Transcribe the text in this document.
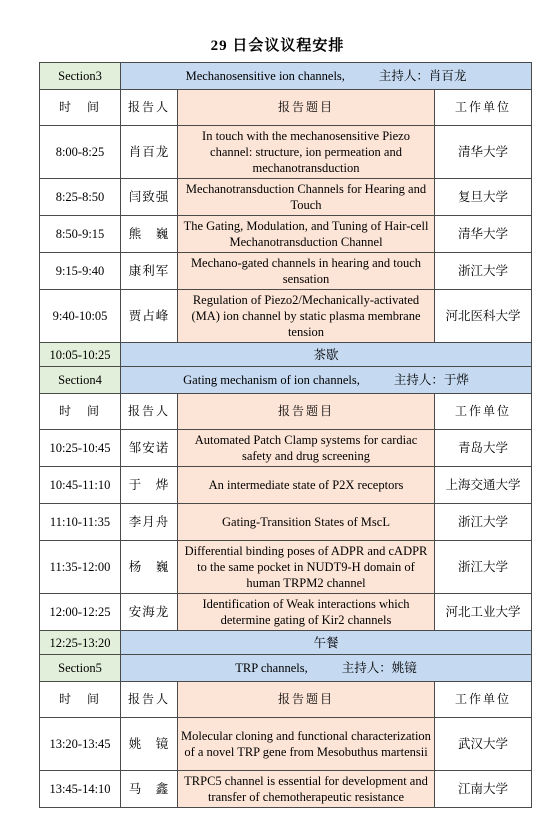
29 日会议议程安排
Section3	Mechanosensitive ion channels, 主持人：肖百龙		
时　间	报告人	报告题目	工作单位
8:00-8:25	肖百龙	In touch with the mechanosensitive Piezo channel: structure, ion permeation and mechanotransduction	清华大学
8:25-8:50	闫致强	Mechanotransduction Channels for Hearing and Touch	复旦大学
8:50-9:15	熊　巍	The Gating, Modulation, and Tuning of Hair-cell Mechanotransduction Channel	清华大学
9:15-9:40	康利军	Mechano-gated channels in hearing and touch sensation	浙江大学
9:40-10:05	贾占峰	Regulation of Piezo2/Mechanically-activated (MA) ion channel by static plasma membrane tension	河北医科大学
10:05-10:25	茶歇		
Section4	Gating mechanism of ion channels, 主持人：于烨		
时　间	报告人	报告题目	工作单位
10:25-10:45	邹安诺	Automated Patch Clamp systems for cardiac safety and drug screening	青岛大学
10:45-11:10	于　烨	An intermediate state of P2X receptors	上海交通大学
11:10-11:35	李月舟	Gating-Transition States of MscL	浙江大学
11:35-12:00	杨　巍	Differential binding poses of ADPR and cADPR to the same pocket in NUDT9-H domain of human TRPM2 channel	浙江大学
12:00-12:25	安海龙	Identification of Weak interactions which determine gating of Kir2 channels	河北工业大学
12:25-13:20	午餐		
Section5	TRP channels, 主持人：姚镜		
时　间	报告人	报告题目	工作单位
13:20-13:45	姚　镜	Molecular cloning and functional characterization of a novel TRP gene from Mesobuthus martensii	武汉大学
13:45-14:10	马　鑫	TRPC5 channel is essential for development and transfer of chemotherapeutic resistance	江南大学
